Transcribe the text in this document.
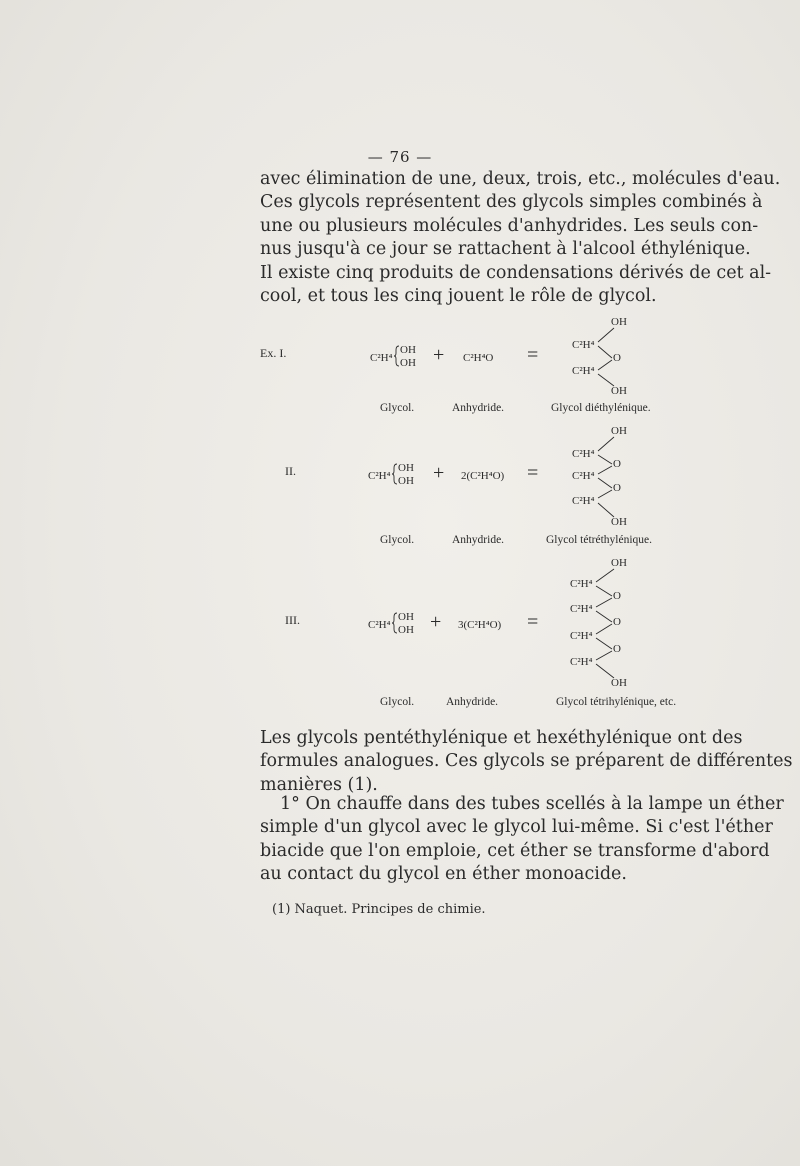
— 76 —
avec élimination de une, deux, trois, etc., molécules d'eau.
Ces glycols représentent des glycols simples combinés à
une ou plusieurs molécules d'anhydrides. Les seuls con-
nus jusqu'à ce jour se rattachent à l'alcool éthylénique.
Il existe cinq produits de condensations dérivés de cet al-
cool, et tous les cinq jouent le rôle de glycol.
Ex. I.	C²H⁴
OH
OH + C²H⁴O =
OH
C²H⁴
O
C²H⁴
OH
Glycol.	Anhydride.	Glycol diéthylénique.
II.	C²H⁴
OH
OH + 2(C²H⁴O) =
OH
C²H⁴
O
C²H⁴
O
C²H⁴
OH
Glycol.	Anhydride.	Glycol tétréthylénique.
III.	C²H⁴
OH
OH + 3(C²H⁴O) =
OH
C²H⁴
O
C²H⁴
O
C²H⁴
O
C²H⁴
OH
Glycol.	Anhydride.	Glycol tétrihylénique, etc.
Les glycols pentéthylénique et hexéthylénique ont des
formules analogues. Ces glycols se préparent de différentes
manières (1).
1° On chauffe dans des tubes scellés à la lampe un éther
simple d'un glycol avec le glycol lui-même. Si c'est l'éther
biacide que l'on emploie, cet éther se transforme d'abord
au contact du glycol en éther monoacide.
(1) Naquet. Principes de chimie.
